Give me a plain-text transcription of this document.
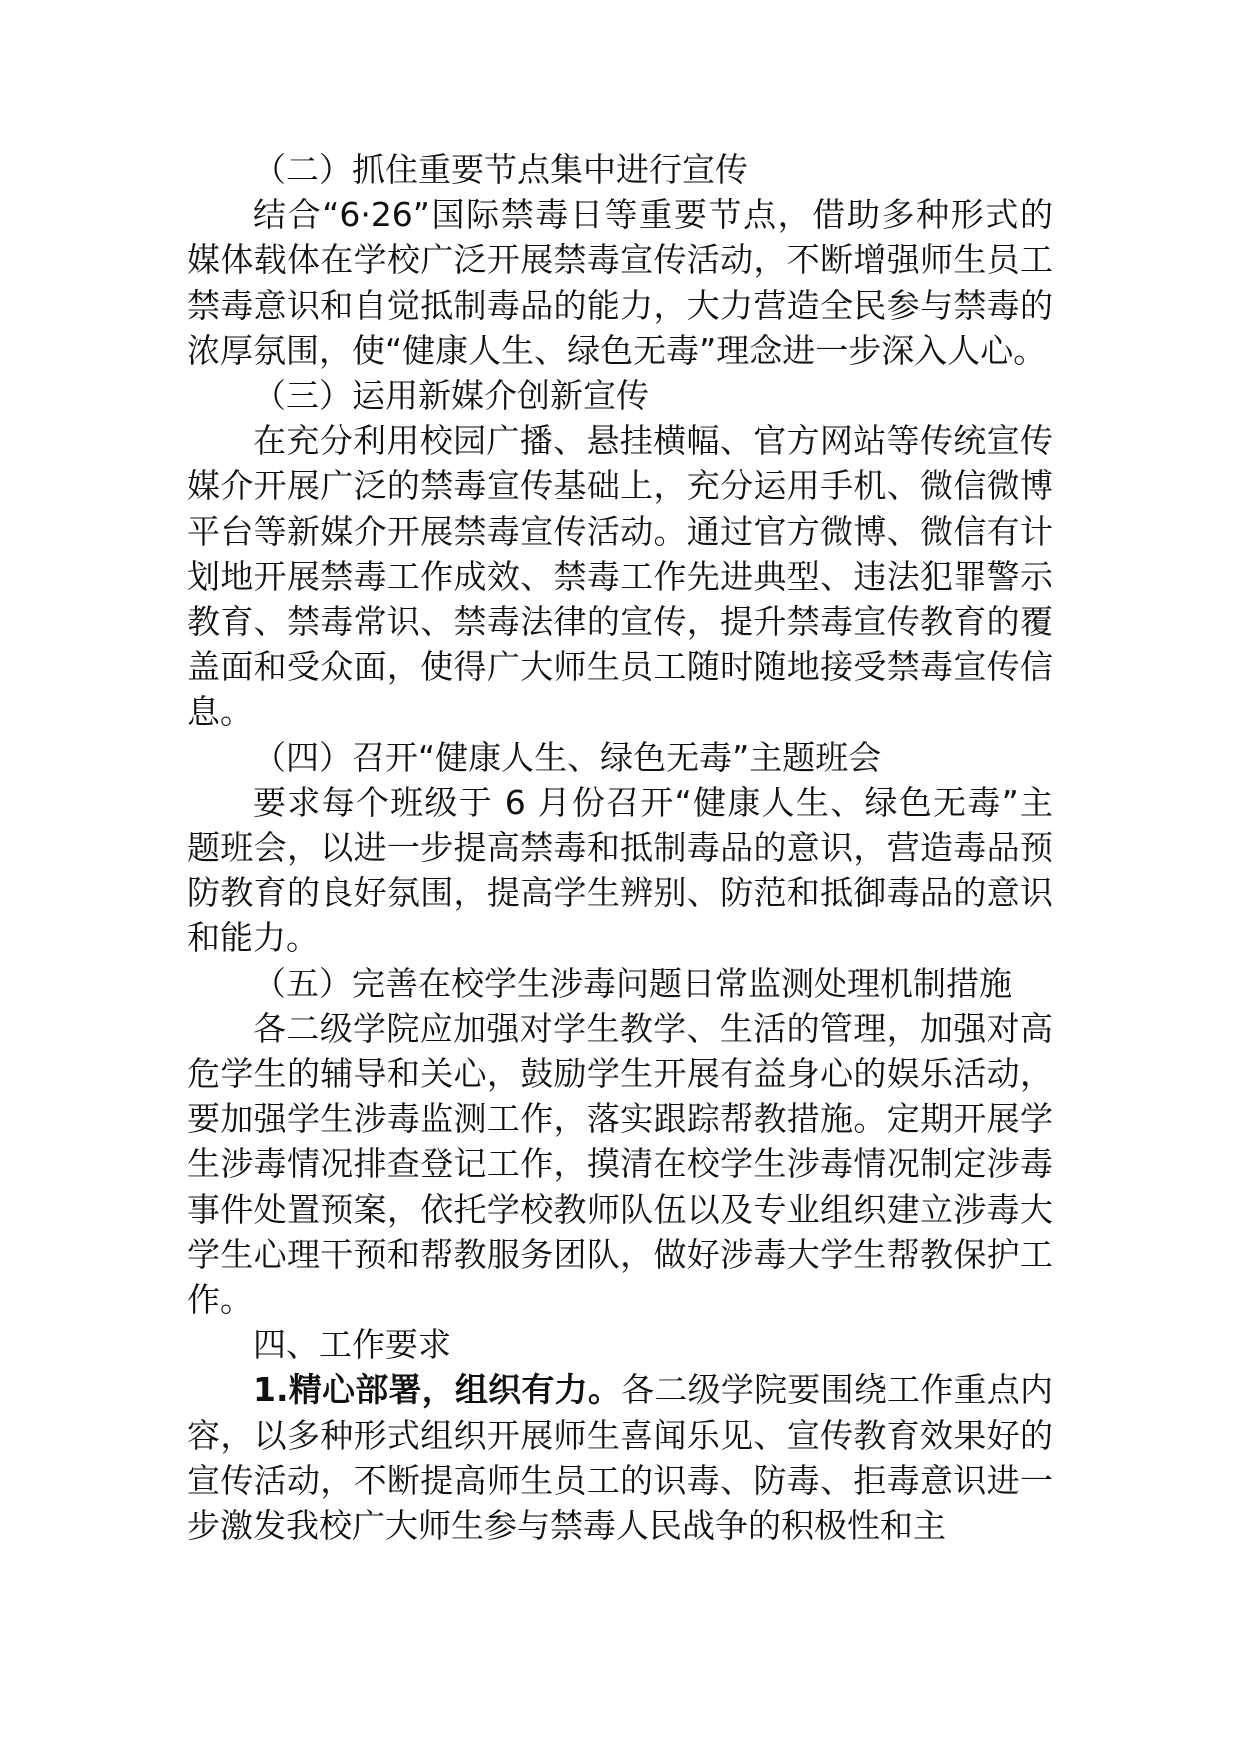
（二）抓住重要节点集中进行宣传

结合“6·26”国际禁毒日等重要节点，借助多种形式的媒体载体在学校广泛开展禁毒宣传活动，不断增强师生员工禁毒意识和自觉抵制毒品的能力，大力营造全民参与禁毒的浓厚氛围，使“健康人生、绿色无毒”理念进一步深入人心。

（三）运用新媒介创新宣传

在充分利用校园广播、悬挂横幅、官方网站等传统宣传媒介开展广泛的禁毒宣传基础上，充分运用手机、微信微博平台等新媒介开展禁毒宣传活动。通过官方微博、微信有计划地开展禁毒工作成效、禁毒工作先进典型、违法犯罪警示教育、禁毒常识、禁毒法律的宣传，提升禁毒宣传教育的覆盖面和受众面，使得广大师生员工随时随地接受禁毒宣传信息。

（四）召开“健康人生、绿色无毒”主题班会

要求每个班级于 6 月份召开“健康人生、绿色无毒”主题班会，以进一步提高禁毒和抵制毒品的意识，营造毒品预防教育的良好氛围，提高学生辨别、防范和抵御毒品的意识和能力。

（五）完善在校学生涉毒问题日常监测处理机制措施

各二级学院应加强对学生教学、生活的管理，加强对高危学生的辅导和关心，鼓励学生开展有益身心的娱乐活动，要加强学生涉毒监测工作，落实跟踪帮教措施。定期开展学生涉毒情况排查登记工作，摸清在校学生涉毒情况制定涉毒事件处置预案，依托学校教师队伍以及专业组织建立涉毒大学生心理干预和帮教服务团队，做好涉毒大学生帮教保护工作。

四、工作要求

1.精心部署，组织有力。各二级学院要围绕工作重点内容，以多种形式组织开展师生喜闻乐见、宣传教育效果好的宣传活动，不断提高师生员工的识毒、防毒、拒毒意识进一步激发我校广大师生参与禁毒人民战争的积极性和主
